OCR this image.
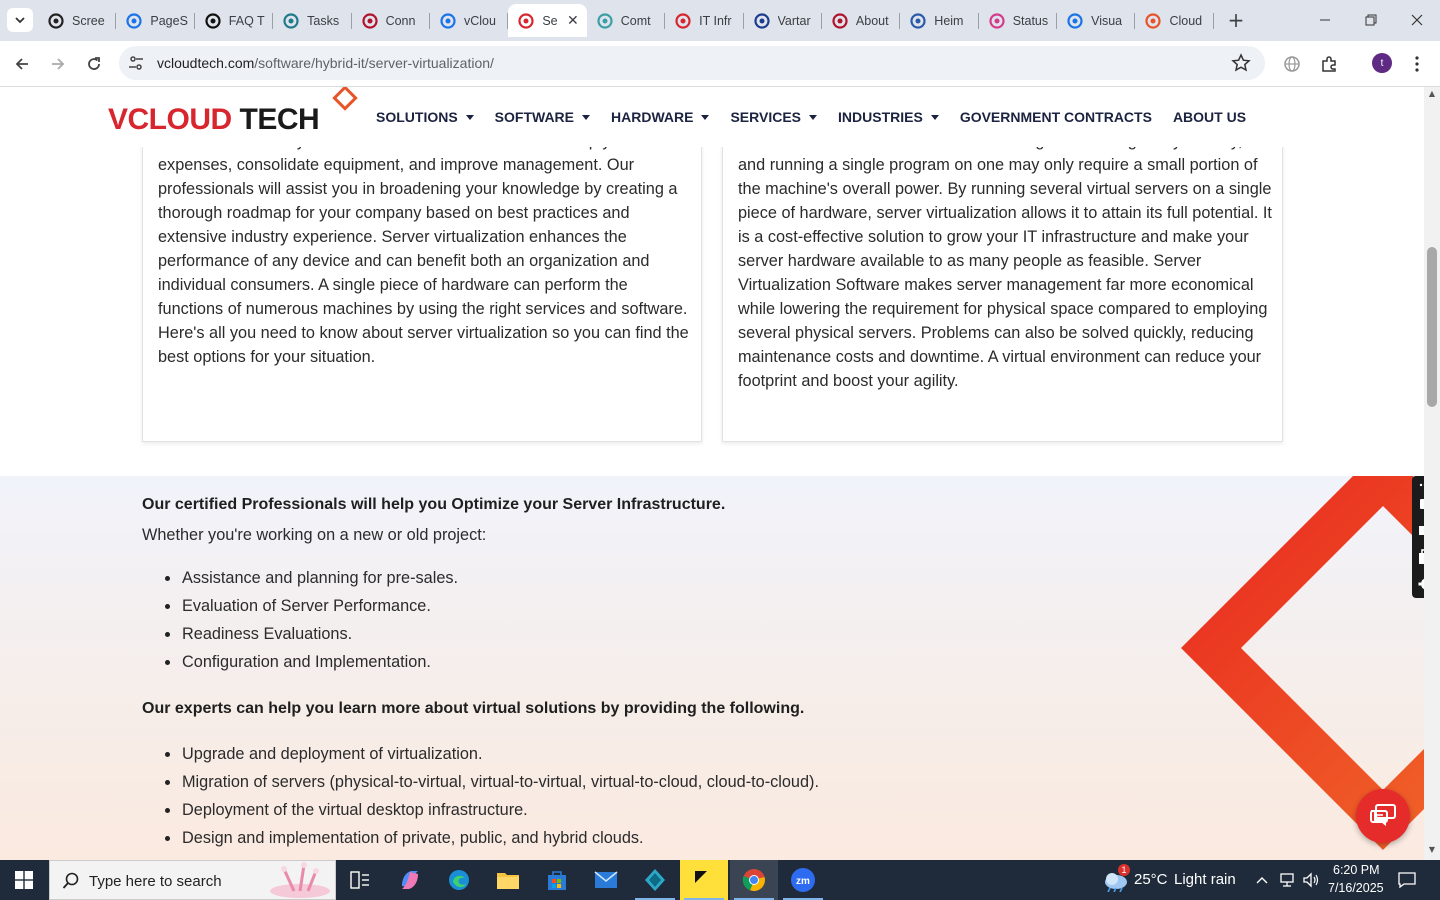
Scree	PageS	FAQ T	Tasks	Conn	vClou	Se ✕	Comt	IT Infr	Vartar	About	Heim	Status	Visua	Cloud +
vcloudtech.com/software/hybrid-it/server-virtualization/	t
VCLOUD TECH	SOLUTIONS	SOFTWARE	HARDWARE	SERVICES	INDUSTRIES	GOVERNMENT CONTRACTS ABOUT US

expenses, consolidate equipment, and improve management. Our professionals will assist you in broadening your knowledge by creating a thorough roadmap for your company based on best practices and extensive industry experience. Server virtualization enhances the performance of any device and can benefit both an organization and individual consumers. A single piece of hardware can perform the functions of numerous machines by using the right services and software. Here's all you need to know about server virtualization so you can find the best options for your situation.

and running a single program on one may only require a small portion of the machine's overall power. By running several virtual servers on a single piece of hardware, server virtualization allows it to attain its full potential. It is a cost-effective solution to grow your IT infrastructure and make your server hardware available to as many people as feasible. Server Virtualization Software makes server management far more economical while lowering the requirement for physical space compared to employing several physical servers. Problems can also be solved quickly, reducing maintenance costs and downtime. A virtual environment can reduce your footprint and boost your agility.

Our certified Professionals will help you Optimize your Server Infrastructure.
Whether you're working on a new or old project:
Assistance and planning for pre-sales.
Evaluation of Server Performance.
Readiness Evaluations.
Configuration and Implementation.
Our experts can help you learn more about virtual solutions by providing the following.
Upgrade and deployment of virtualization.
Migration of servers (physical-to-virtual, virtual-to-virtual, virtual-to-cloud, cloud-to-cloud).
Deployment of the virtual desktop infrastructure.
Design and implementation of private, public, and hybrid clouds.
▲
▼
Type here to search	zm
1
25°C Light rain
6:20 PM
7/16/2025
